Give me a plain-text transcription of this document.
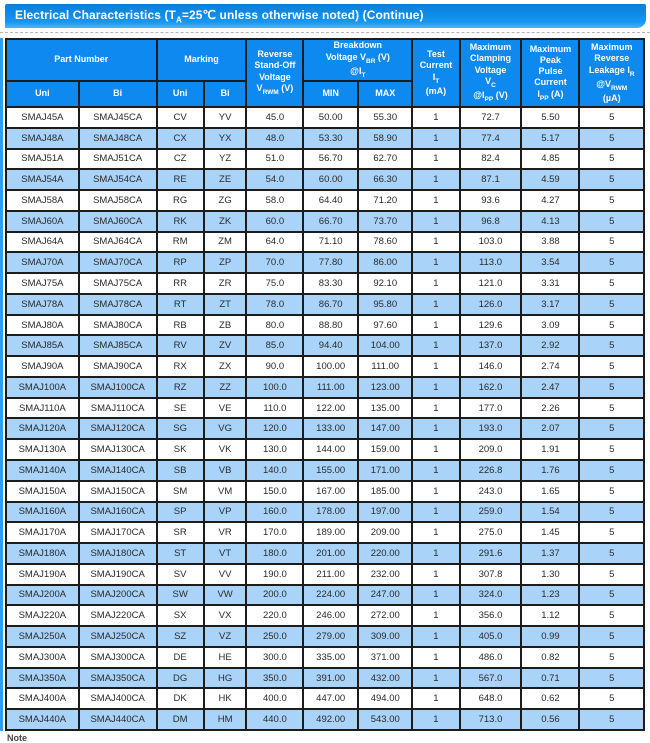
Electrical Characteristics ($T_A=25℃$ unless otherwise noted) (Continue)
Part Number		Marking		Reverse
Stand-Off
Voltage
$V_{RWM}$ (V)	Breakdown
Voltage $V_{BR}$ (V)
$@I_T$		Test
Current
$I_T$
(mA)	Maximum
Clamping
Voltage
$V_C$
$@I_{PP}$ (V)	Maximum
Peak
Pulse
Current
$I_{PP}$ (A)	Maximum
Reverse
Leakage $I_R$
$@V_{RWM}$
(µA)
Uni	Bi	Uni	Bi		MIN	MAX				
SMAJ45A	SMAJ45CA	CV	YV	45.0	50.00	55.30	1	72.7	5.50	5
SMAJ48A	SMAJ48CA	CX	YX	48.0	53.30	58.90	1	77.4	5.17	5
SMAJ51A	SMAJ51CA	CZ	YZ	51.0	56.70	62.70	1	82.4	4.85	5
SMAJ54A	SMAJ54CA	RE	ZE	54.0	60.00	66.30	1	87.1	4.59	5
SMAJ58A	SMAJ58CA	RG	ZG	58.0	64.40	71.20	1	93.6	4.27	5
SMAJ60A	SMAJ60CA	RK	ZK	60.0	66.70	73.70	1	96.8	4.13	5
SMAJ64A	SMAJ64CA	RM	ZM	64.0	71.10	78.60	1	103.0	3.88	5
SMAJ70A	SMAJ70CA	RP	ZP	70.0	77.80	86.00	1	113.0	3.54	5
SMAJ75A	SMAJ75CA	RR	ZR	75.0	83.30	92.10	1	121.0	3.31	5
SMAJ78A	SMAJ78CA	RT	ZT	78.0	86.70	95.80	1	126.0	3.17	5
SMAJ80A	SMAJ80CA	RB	ZB	80.0	88.80	97.60	1	129.6	3.09	5
SMAJ85A	SMAJ85CA	RV	ZV	85.0	94.40	104.00	1	137.0	2.92	5
SMAJ90A	SMAJ90CA	RX	ZX	90.0	100.00	111.00	1	146.0	2.74	5
SMAJ100A	SMAJ100CA	RZ	ZZ	100.0	111.00	123.00	1	162.0	2.47	5
SMAJ110A	SMAJ110CA	SE	VE	110.0	122.00	135.00	1	177.0	2.26	5
SMAJ120A	SMAJ120CA	SG	VG	120.0	133.00	147.00	1	193.0	2.07	5
SMAJ130A	SMAJ130CA	SK	VK	130.0	144.00	159.00	1	209.0	1.91	5
SMAJ140A	SMAJ140CA	SB	VB	140.0	155.00	171.00	1	226.8	1.76	5
SMAJ150A	SMAJ150CA	SM	VM	150.0	167.00	185.00	1	243.0	1.65	5
SMAJ160A	SMAJ160CA	SP	VP	160.0	178.00	197.00	1	259.0	1.54	5
SMAJ170A	SMAJ170CA	SR	VR	170.0	189.00	209.00	1	275.0	1.45	5
SMAJ180A	SMAJ180CA	ST	VT	180.0	201.00	220.00	1	291.6	1.37	5
SMAJ190A	SMAJ190CA	SV	VV	190.0	211.00	232.00	1	307.8	1.30	5
SMAJ200A	SMAJ200CA	SW	VW	200.0	224.00	247.00	1	324.0	1.23	5
SMAJ220A	SMAJ220CA	SX	VX	220.0	246.00	272.00	1	356.0	1.12	5
SMAJ250A	SMAJ250CA	SZ	VZ	250.0	279.00	309.00	1	405.0	0.99	5
SMAJ300A	SMAJ300CA	DE	HE	300.0	335.00	371.00	1	486.0	0.82	5
SMAJ350A	SMAJ350CA	DG	HG	350.0	391.00	432.00	1	567.0	0.71	5
SMAJ400A	SMAJ400CA	DK	HK	400.0	447.00	494.00	1	648.0	0.62	5
SMAJ440A	SMAJ440CA	DM	HM	440.0	492.00	543.00	1	713.0	0.56	5
Note
